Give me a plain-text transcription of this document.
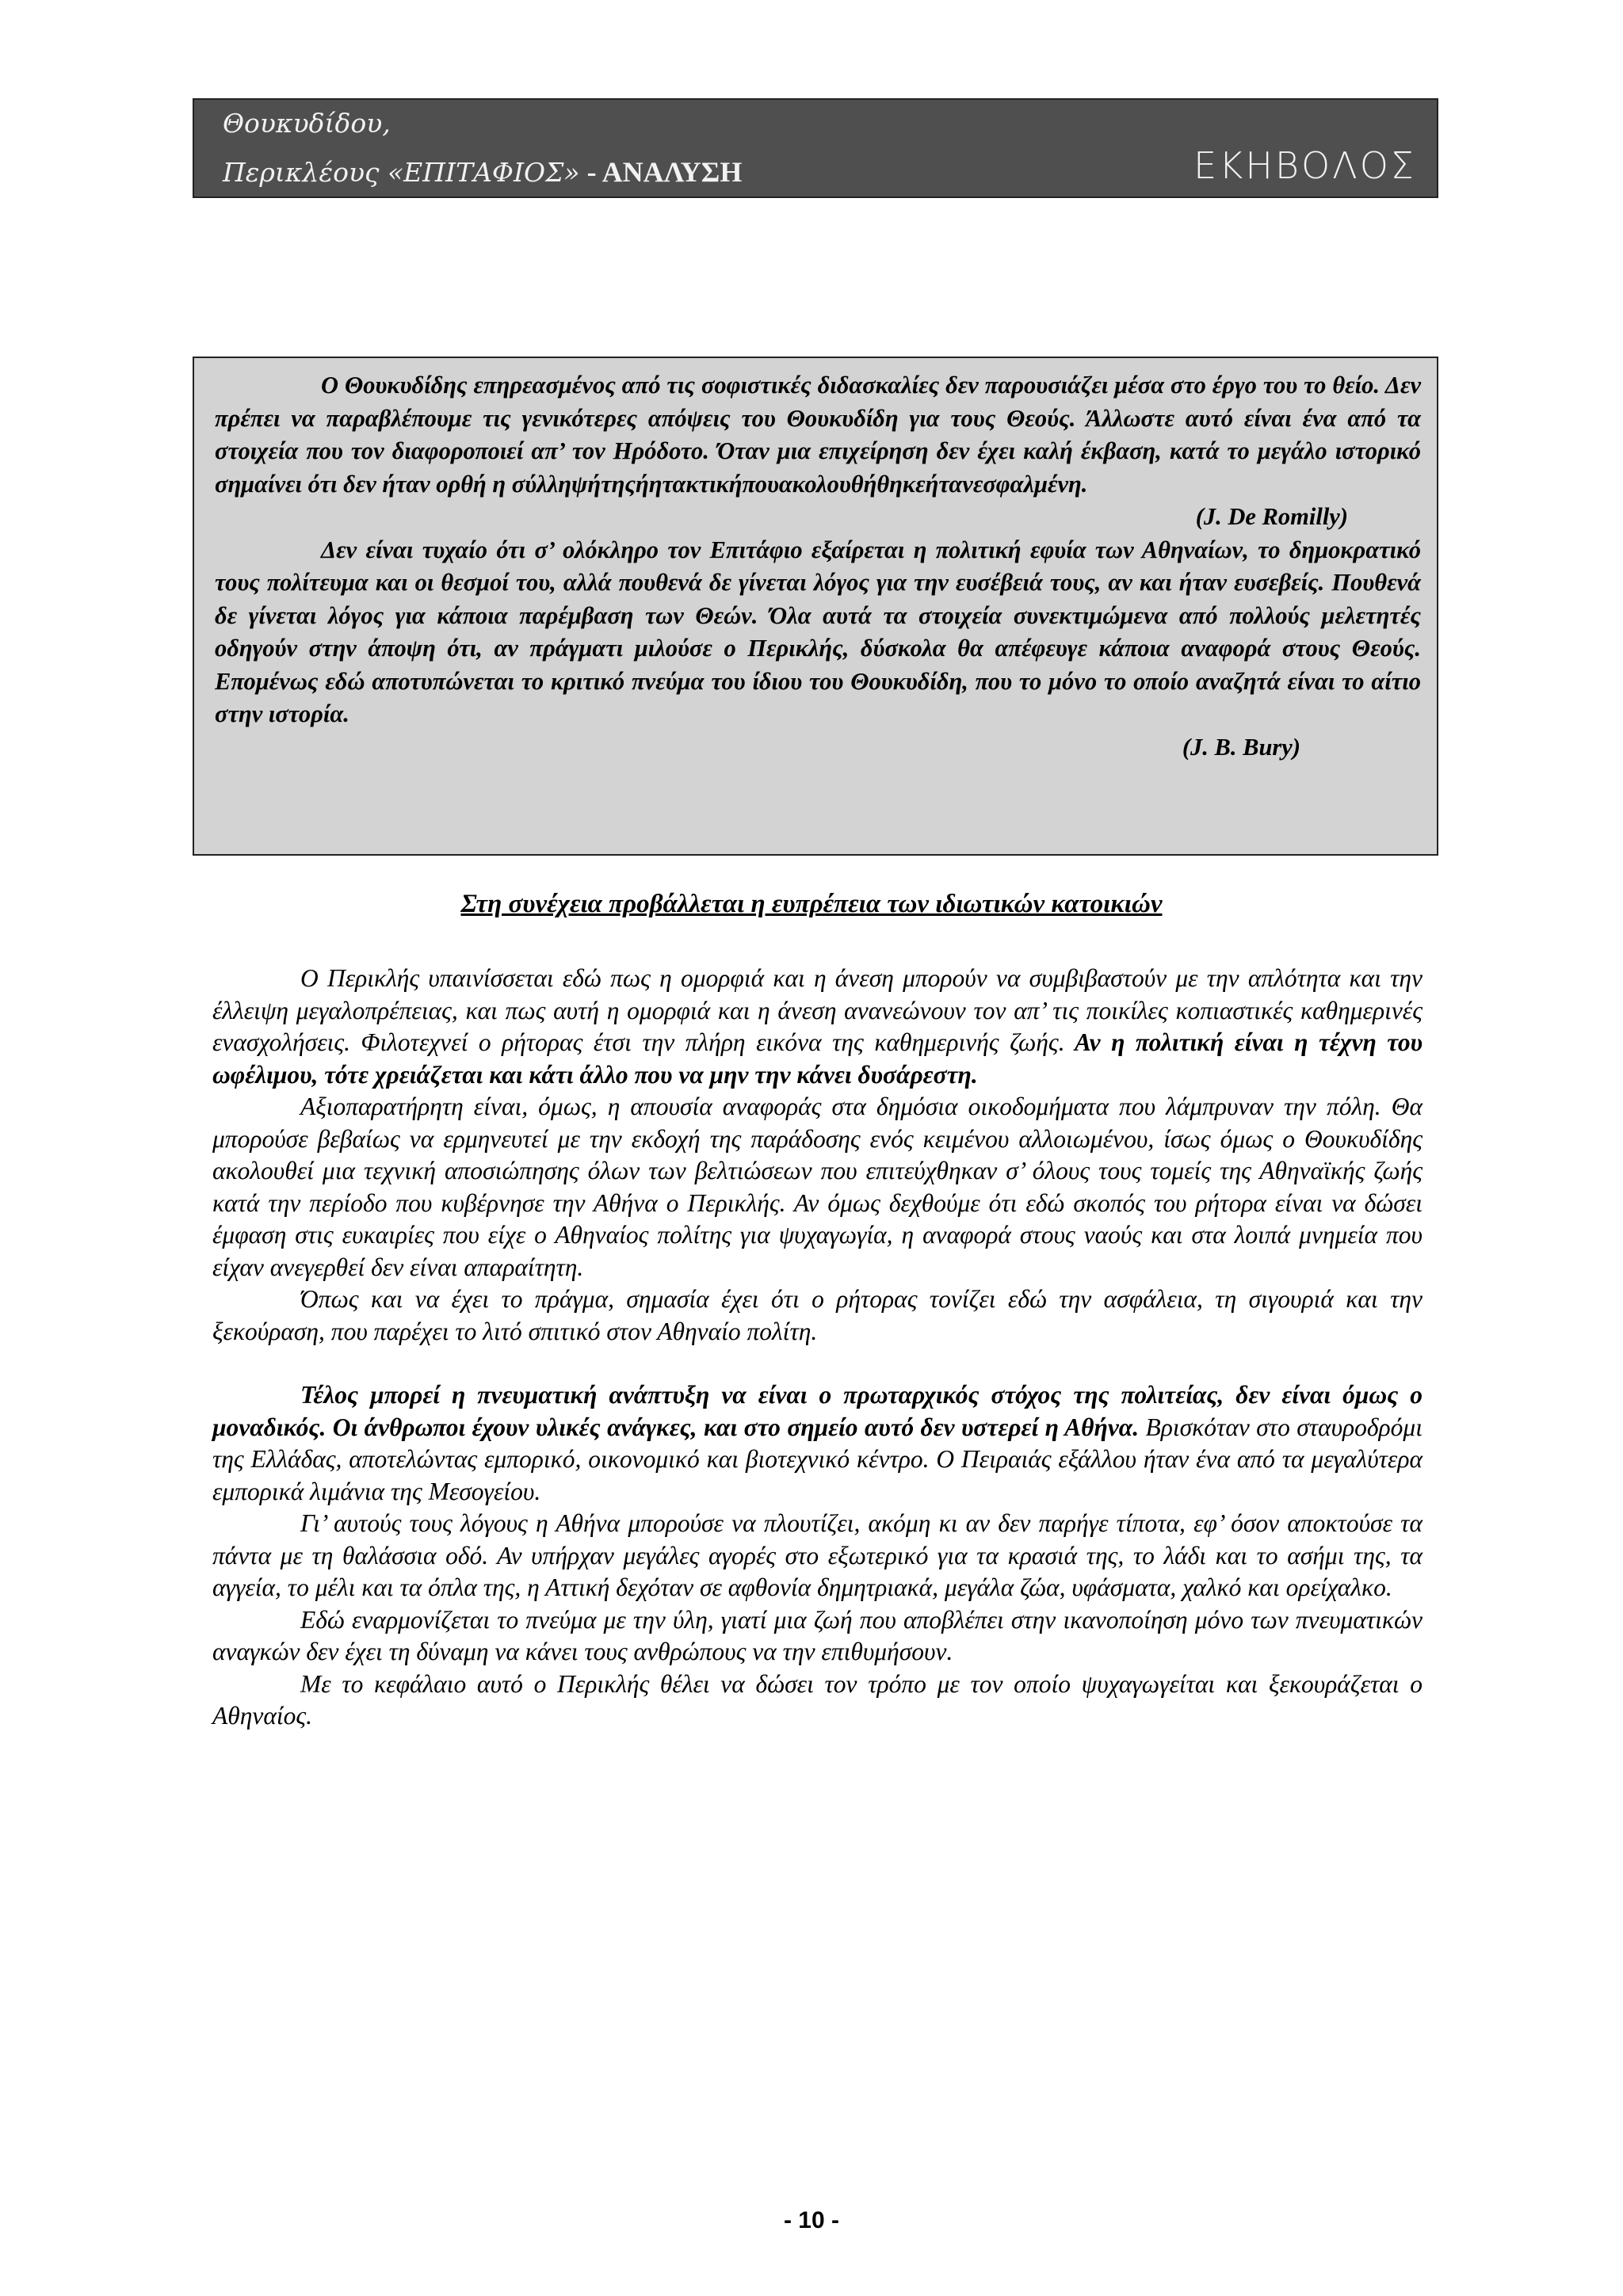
Θουκυδίδου,
Περικλέους «ΕΠΙΤΑΦΙΟΣ» - ΑΝΑΛΥΣΗ	ΕΚΗΒΟΛΟΣ

Ο Θουκυδίδης επηρεασμένος από τις σοφιστικές διδασκαλίες δεν παρουσιάζει μέσα στο έργο του το θείο. Δεν πρέπει να παραβλέπουμε τις γενικότερες απόψεις του Θουκυδίδη για τους Θεούς. Άλλωστε αυτό είναι ένα από τα στοιχεία που τον διαφοροποιεί απ’ τον Ηρόδοτο. Όταν μια επιχείρηση δεν έχει καλή έκβαση, κατά το μεγάλο ιστορικό σημαίνει ότι δεν ήταν ορθή η σύλληψήτηςήητακτικήπουακολουθήθηκεήτανεσφαλμένη.

(J. De Romilly)

Δεν είναι τυχαίο ότι σ’ ολόκληρο τον Επιτάφιο εξαίρεται η πολιτική εφυία των Αθηναίων, το δημοκρατικό τους πολίτευμα και οι θεσμοί του, αλλά πουθενά δε γίνεται λόγος για την ευσέβειά τους, αν και ήταν ευσεβείς. Πουθενά δε γίνεται λόγος για κάποια παρέμβαση των Θεών. Όλα αυτά τα στοιχεία συνεκτιμώμενα από πολλούς μελετητές οδηγούν στην άποψη ότι, αν πράγματι μιλούσε ο Περικλής, δύσκολα θα απέφευγε κάποια αναφορά στους Θεούς. Επομένως εδώ αποτυπώνεται το κριτικό πνεύμα του ίδιου του Θουκυδίδη, που το μόνο το οποίο αναζητά είναι το αίτιο στην ιστορία.

(J. B. Bury)

Στη συνέχεια προβάλλεται η ευπρέπεια των ιδιωτικών κατοικιών

Ο Περικλής υπαινίσσεται εδώ πως η ομορφιά και η άνεση μπορούν να συμβιβαστούν με την απλότητα και την έλλειψη μεγαλοπρέπειας, και πως αυτή η ομορφιά και η άνεση ανανεώνουν τον απ’ τις ποικίλες κοπιαστικές καθημερινές ενασχολήσεις. Φιλοτεχνεί ο ρήτορας έτσι την πλήρη εικόνα της καθημερινής ζωής. Αν η πολιτική είναι η τέχνη του ωφέλιμου, τότε χρειάζεται και κάτι άλλο που να μην την κάνει δυσάρεστη.

Αξιοπαρατήρητη είναι, όμως, η απουσία αναφοράς στα δημόσια οικοδομήματα που λάμπρυναν την πόλη. Θα μπορούσε βεβαίως να ερμηνευτεί με την εκδοχή της παράδοσης ενός κειμένου αλλοιωμένου, ίσως όμως ο Θουκυδίδης ακολουθεί μια τεχνική αποσιώπησης όλων των βελτιώσεων που επιτεύχθηκαν σ’ όλους τους τομείς της Αθηναϊκής ζωής κατά την περίοδο που κυβέρνησε την Αθήνα ο Περικλής. Αν όμως δεχθούμε ότι εδώ σκοπός του ρήτορα είναι να δώσει έμφαση στις ευκαιρίες που είχε ο Αθηναίος πολίτης για ψυχαγωγία, η αναφορά στους ναούς και στα λοιπά μνημεία που είχαν ανεγερθεί δεν είναι απαραίτητη.

Όπως και να έχει το πράγμα, σημασία έχει ότι ο ρήτορας τονίζει εδώ την ασφάλεια, τη σιγουριά και την ξεκούραση, που παρέχει το λιτό σπιτικό στον Αθηναίο πολίτη.

Τέλος μπορεί η πνευματική ανάπτυξη να είναι ο πρωταρχικός στόχος της πολιτείας, δεν είναι όμως ο μοναδικός. Οι άνθρωποι έχουν υλικές ανάγκες, και στο σημείο αυτό δεν υστερεί η Αθήνα. Βρισκόταν στο σταυροδρόμι της Ελλάδας, αποτελώντας εμπορικό, οικονομικό και βιοτεχνικό κέντρο. Ο Πειραιάς εξάλλου ήταν ένα από τα μεγαλύτερα εμπορικά λιμάνια της Μεσογείου.

Γι’ αυτούς τους λόγους η Αθήνα μπορούσε να πλουτίζει, ακόμη κι αν δεν παρήγε τίποτα, εφ’ όσον αποκτούσε τα πάντα με τη θαλάσσια οδό. Αν υπήρχαν μεγάλες αγορές στο εξωτερικό για τα κρασιά της, το λάδι και το ασήμι της, τα αγγεία, το μέλι και τα όπλα της, η Αττική δεχόταν σε αφθονία δημητριακά, μεγάλα ζώα, υφάσματα, χαλκό και ορείχαλκο.

Εδώ εναρμονίζεται το πνεύμα με την ύλη, γιατί μια ζωή που αποβλέπει στην ικανοποίηση μόνο των πνευματικών αναγκών δεν έχει τη δύναμη να κάνει τους ανθρώπους να την επιθυμήσουν.

Με το κεφάλαιο αυτό ο Περικλής θέλει να δώσει τον τρόπο με τον οποίο ψυχαγωγείται και ξεκουράζεται ο Αθηναίος.

- 10 -
